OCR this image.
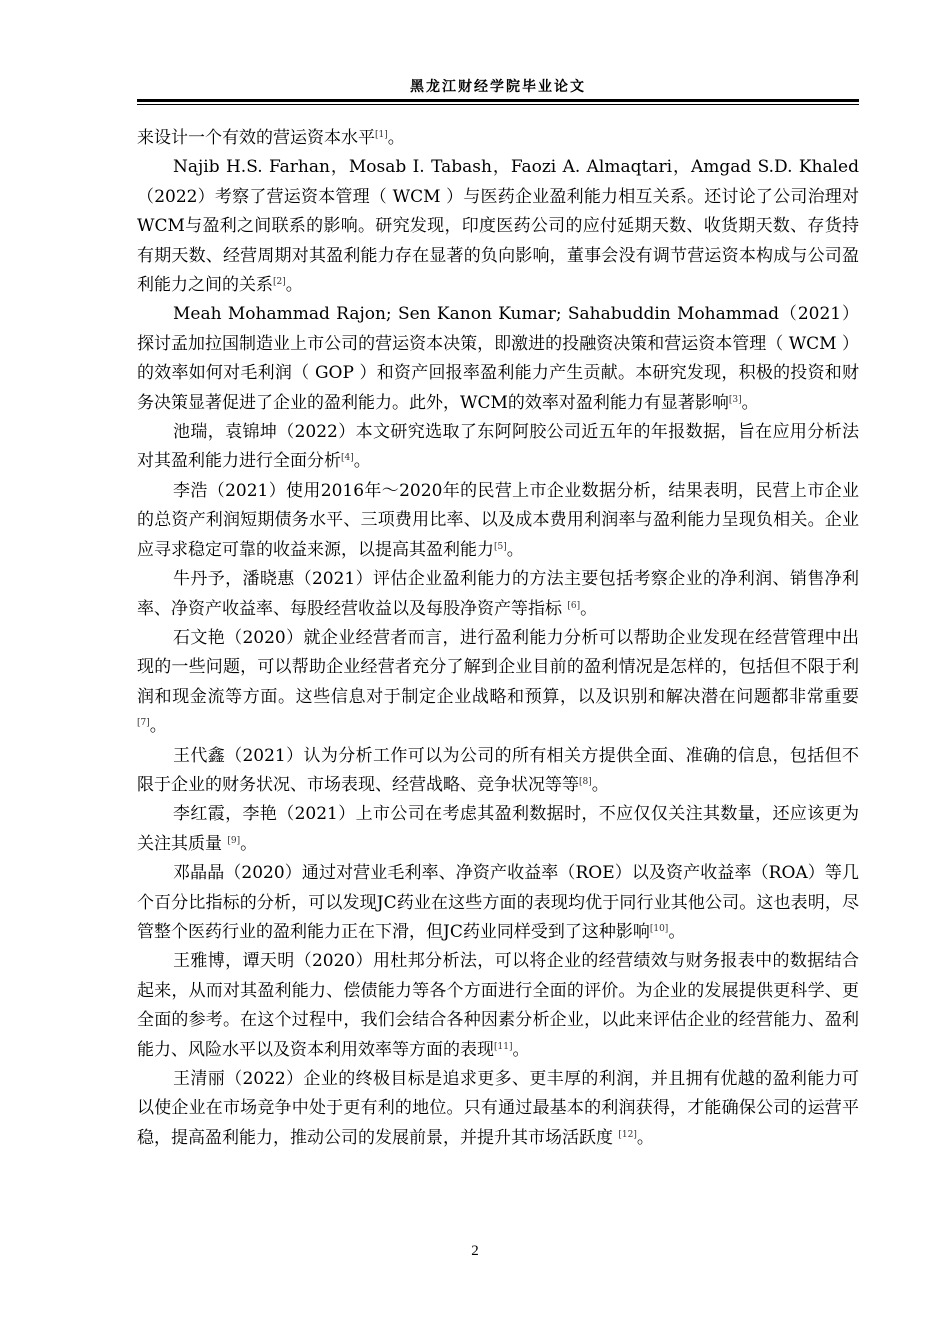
黑龙江财经学院毕业论文

来设计一个有效的营运资本水平[1]。

Najib H.S. Farhan，Mosab I. Tabash，Faozi A. Almaqtari，Amgad S.D. Khaled（2022）考察了营运资本管理（ WCM ）与医药企业盈利能力相互关系。还讨论了公司治理对WCM与盈利之间联系的影响。研究发现，印度医药公司的应付延期天数、收货期天数、存货持有期天数、经营周期对其盈利能力存在显著的负向影响，董事会没有调节营运资本构成与公司盈利能力之间的关系[2]。

Meah Mohammad Rajon; Sen Kanon Kumar; Sahabuddin Mohammad（2021）探讨孟加拉国制造业上市公司的营运资本决策，即激进的投融资决策和营运资本管理（ WCM ）的效率如何对毛利润（ GOP ）和资产回报率盈利能力产生贡献。本研究发现，积极的投资和财务决策显著促进了企业的盈利能力。此外，WCM的效率对盈利能力有显著影响[3]。

池瑞，袁锦坤（2022）本文研究选取了东阿阿胶公司近五年的年报数据，旨在应用分析法对其盈利能力进行全面分析[4]。

李浩（2021）使用2016年～2020年的民营上市企业数据分析，结果表明，民营上市企业的总资产利润短期债务水平、三项费用比率、以及成本费用利润率与盈利能力呈现负相关。企业应寻求稳定可靠的收益来源，以提高其盈利能力[5]。

牛丹予，潘晓惠（2021）评估企业盈利能力的方法主要包括考察企业的净利润、销售净利率、净资产收益率、每股经营收益以及每股净资产等指标 [6]。

石文艳（2020）就企业经营者而言，进行盈利能力分析可以帮助企业发现在经营管理中出现的一些问题，可以帮助企业经营者充分了解到企业目前的盈利情况是怎样的，包括但不限于利润和现金流等方面。这些信息对于制定企业战略和预算，以及识别和解决潜在问题都非常重要 [7]。

王代鑫（2021）认为分析工作可以为公司的所有相关方提供全面、准确的信息，包括但不限于企业的财务状况、市场表现、经营战略、竞争状况等等[8]。

李红霞，李艳（2021）上市公司在考虑其盈利数据时，不应仅仅关注其数量，还应该更为关注其质量 [9]。

邓晶晶（2020）通过对营业毛利率、净资产收益率（ROE）以及资产收益率（ROA）等几个百分比指标的分析，可以发现JC药业在这些方面的表现均优于同行业其他公司。这也表明，尽管整个医药行业的盈利能力正在下滑，但JC药业同样受到了这种影响[10]。

王雅博，谭天明（2020）用杜邦分析法，可以将企业的经营绩效与财务报表中的数据结合起来，从而对其盈利能力、偿债能力等各个方面进行全面的评价。为企业的发展提供更科学、更全面的参考。在这个过程中，我们会结合各种因素分析企业，以此来评估企业的经营能力、盈利能力、风险水平以及资本利用效率等方面的表现[11]。

王清丽（2022）企业的终极目标是追求更多、更丰厚的利润，并且拥有优越的盈利能力可以使企业在市场竞争中处于更有利的地位。只有通过最基本的利润获得，才能确保公司的运营平稳，提高盈利能力，推动公司的发展前景，并提升其市场活跃度 [12]。

2
